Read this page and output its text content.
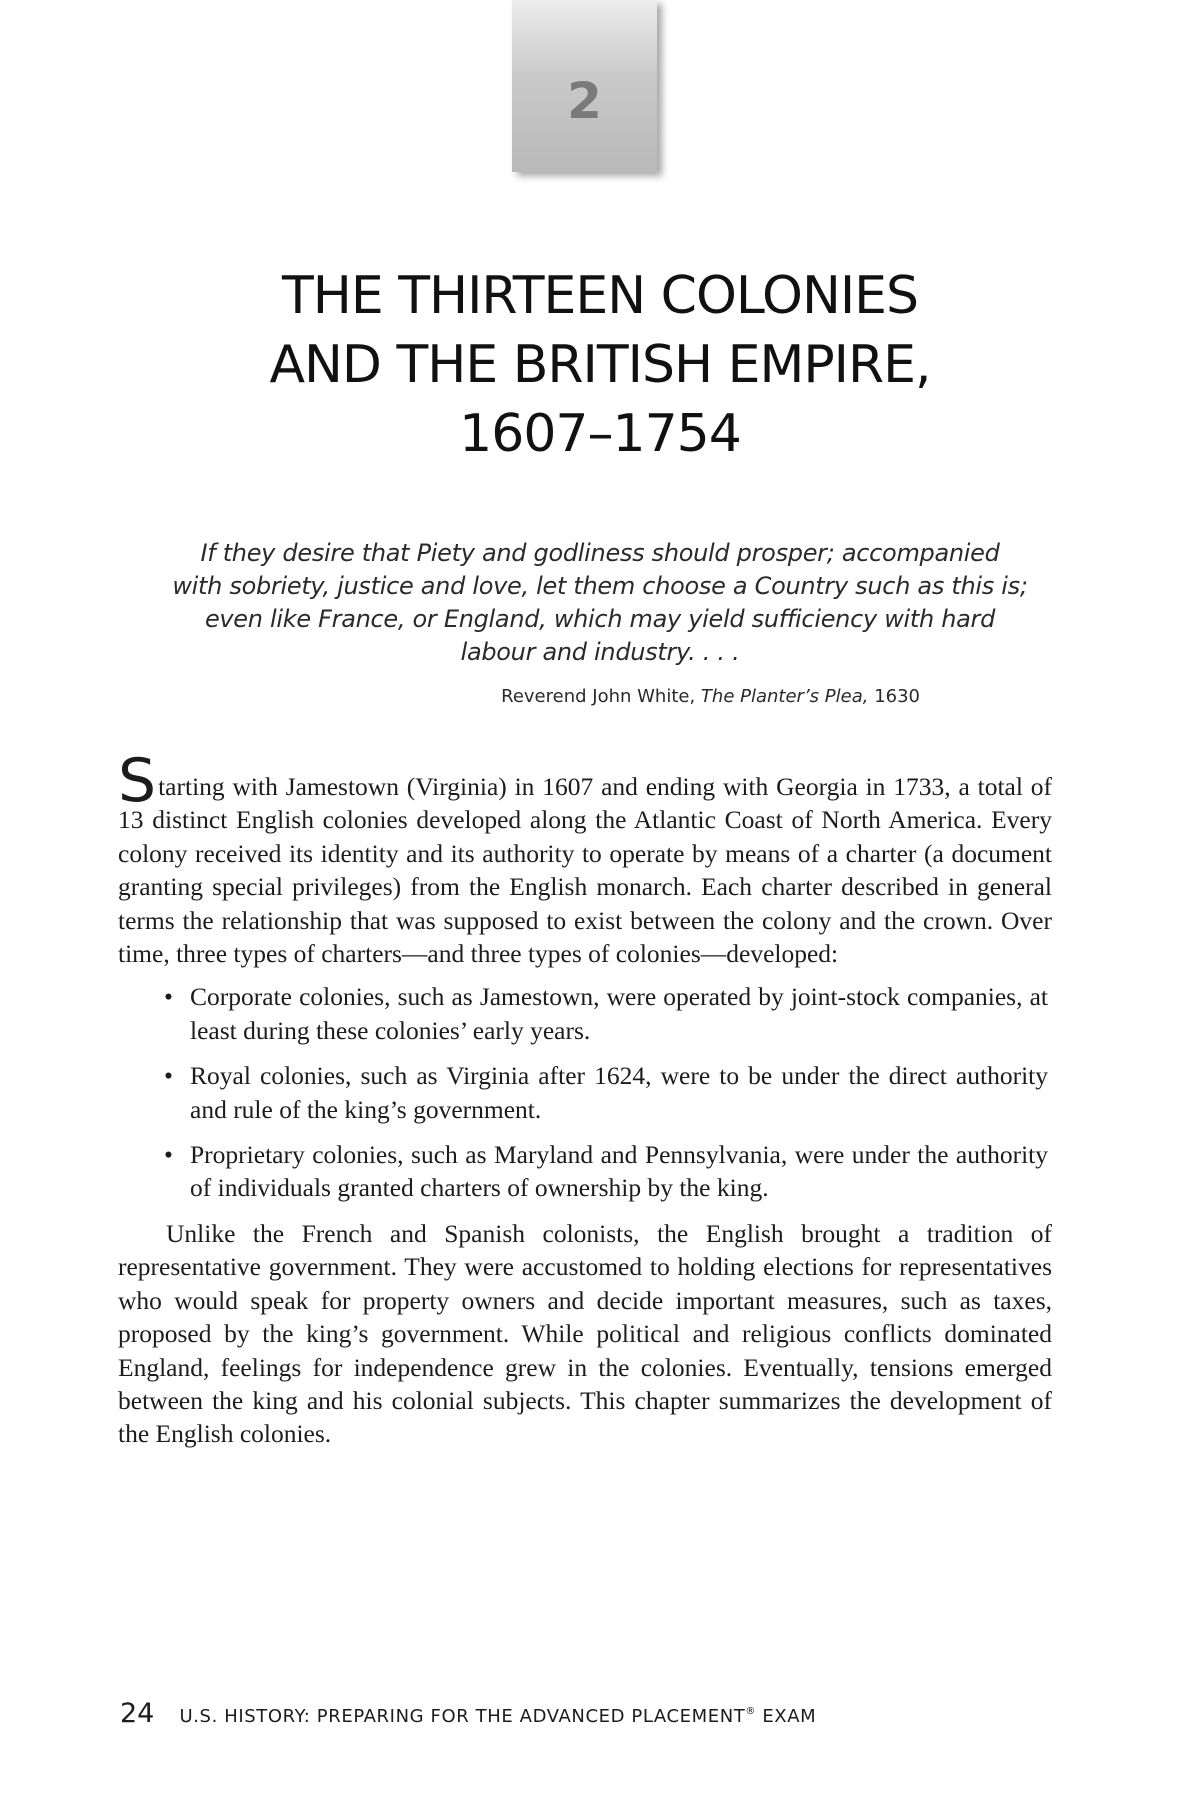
2
THE THIRTEEN COLONIES
AND THE BRITISH EMPIRE,
1607–1754
If they desire that Piety and godliness should prosper; accompanied
with sobriety, justice and love, let them choose a Country such as this is;
even like France, or England, which may yield sufficiency with hard
labour and industry. . . .
Reverend John White, The Planter’s Plea, 1630

Starting with Jamestown (Virginia) in 1607 and ending with Georgia in 1733, a total of 13 distinct English colonies developed along the Atlantic Coast of North America. Every colony received its identity and its authority to operate by means of a charter (a document granting special privileges) from the English monarch. Each charter described in general terms the relationship that was supposed to exist between the colony and the crown. Over time, three types of charters—and three types of colonies—developed:

• Corporate colonies, such as Jamestown, were operated by joint-stock companies, at least during these colonies’ early years.
• Royal colonies, such as Virginia after 1624, were to be under the direct authority and rule of the king’s government.
• Proprietary colonies, such as Maryland and Pennsylvania, were under the authority of individuals granted charters of ownership by the king.

Unlike the French and Spanish colonists, the English brought a tradition of representative government. They were accustomed to holding elections for representatives who would speak for property owners and decide important measures, such as taxes, proposed by the king’s government. While political and religious conflicts dominated England, feelings for independence grew in the colonies. Eventually, tensions emerged between the king and his colonial subjects. This chapter summarizes the development of the English colonies.

24 U.S. HISTORY: PREPARING FOR THE ADVANCED PLACEMENT® EXAM
